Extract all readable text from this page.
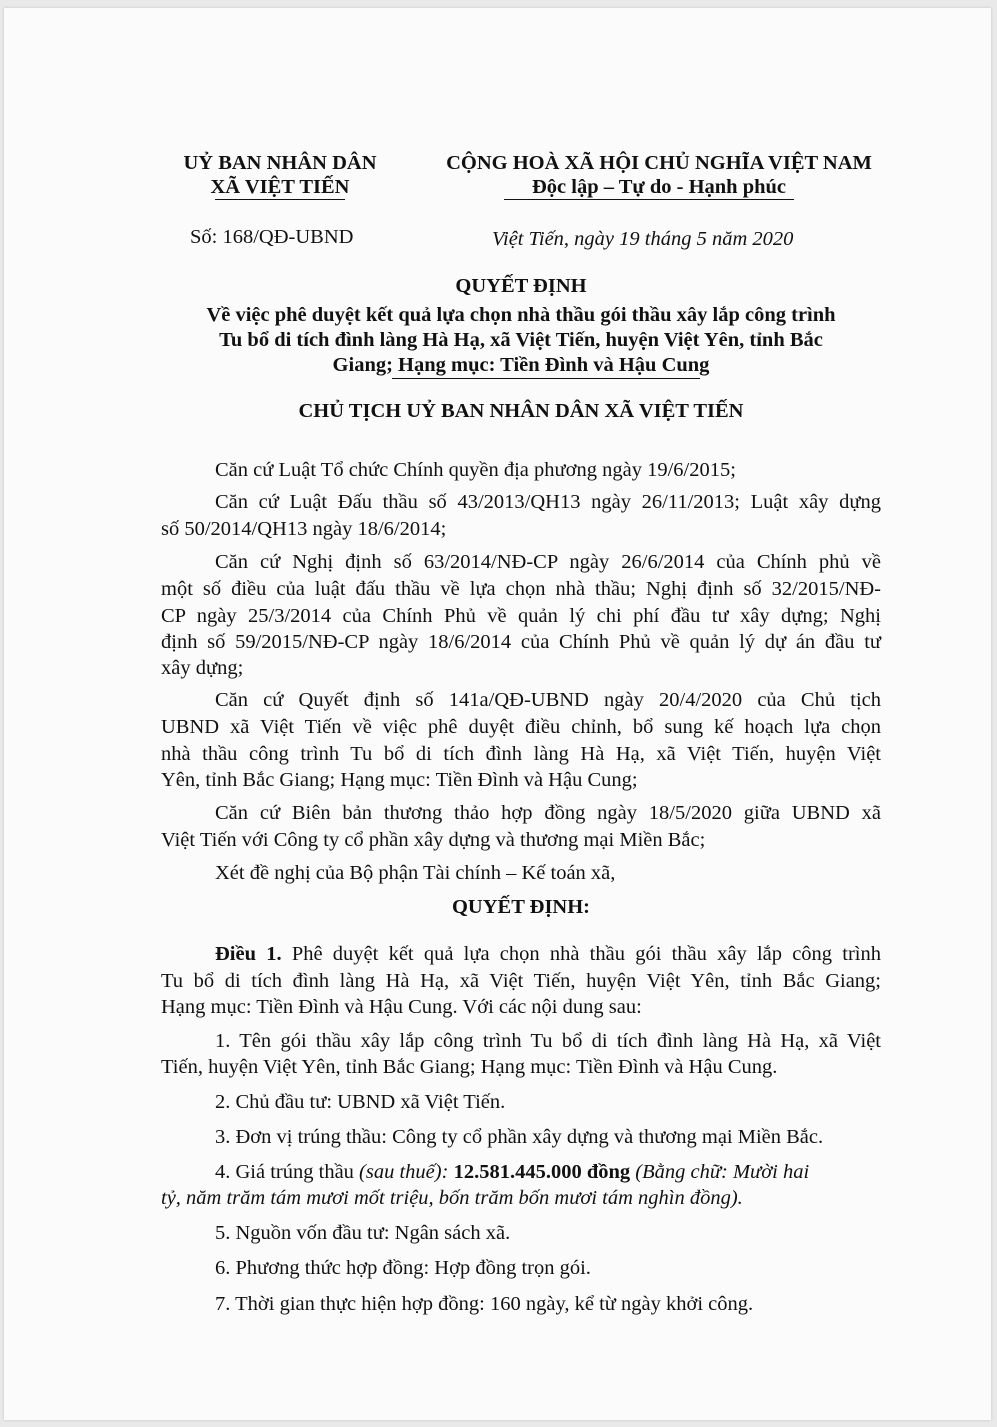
UỶ BAN NHÂN DÂN
XÃ VIỆT TIẾN
Số: 168/QĐ-UBND
CỘNG HOÀ XÃ HỘI CHỦ NGHĨA VIỆT NAM
Độc lập – Tự do - Hạnh phúc
Việt Tiến, ngày 19 tháng 5 năm 2020
QUYẾT ĐỊNH
Về việc phê duyệt kết quả lựa chọn nhà thầu gói thầu xây lắp công trình
Tu bổ di tích đình làng Hà Hạ, xã Việt Tiến, huyện Việt Yên, tỉnh Bắc
Giang; Hạng mục: Tiền Đình và Hậu Cung
CHỦ TỊCH UỶ BAN NHÂN DÂN XÃ VIỆT TIẾN
Căn cứ Luật Tổ chức Chính quyền địa phương ngày 19/6/2015;
Căn cứ Luật Đấu thầu số 43/2013/QH13 ngày 26/11/2013; Luật xây dựng
số 50/2014/QH13 ngày 18/6/2014;
Căn cứ Nghị định số 63/2014/NĐ-CP ngày 26/6/2014 của Chính phủ về
một số điều của luật đấu thầu về lựa chọn nhà thầu; Nghị định số 32/2015/NĐ-
CP ngày 25/3/2014 của Chính Phủ về quản lý chi phí đầu tư xây dựng; Nghị
định số 59/2015/NĐ-CP ngày 18/6/2014 của Chính Phủ về quản lý dự án đầu tư
xây dựng;
Căn cứ Quyết định số 141a/QĐ-UBND ngày 20/4/2020 của Chủ tịch
UBND xã Việt Tiến về việc phê duyệt điều chỉnh, bổ sung kế hoạch lựa chọn
nhà thầu công trình Tu bổ di tích đình làng Hà Hạ, xã Việt Tiến, huyện Việt
Yên, tỉnh Bắc Giang; Hạng mục: Tiền Đình và Hậu Cung;
Căn cứ Biên bản thương thảo hợp đồng ngày 18/5/2020 giữa UBND xã
Việt Tiến với Công ty cổ phần xây dựng và thương mại Miền Bắc;
Xét đề nghị của Bộ phận Tài chính – Kế toán xã,
QUYẾT ĐỊNH:
Điều 1. Phê duyệt kết quả lựa chọn nhà thầu gói thầu xây lắp công trình
Tu bổ di tích đình làng Hà Hạ, xã Việt Tiến, huyện Việt Yên, tỉnh Bắc Giang;
Hạng mục: Tiền Đình và Hậu Cung. Với các nội dung sau:
1. Tên gói thầu xây lắp công trình Tu bổ di tích đình làng Hà Hạ, xã Việt
Tiến, huyện Việt Yên, tỉnh Bắc Giang; Hạng mục: Tiền Đình và Hậu Cung.
2. Chủ đầu tư: UBND xã Việt Tiến.
3. Đơn vị trúng thầu: Công ty cổ phần xây dựng và thương mại Miền Bắc.
4. Giá trúng thầu (sau thuế): 12.581.445.000 đồng (Bằng chữ: Mười hai
tỷ, năm trăm tám mươi mốt triệu, bốn trăm bốn mươi tám nghìn đồng).
5. Nguồn vốn đầu tư: Ngân sách xã.
6. Phương thức hợp đồng: Hợp đồng trọn gói.
7. Thời gian thực hiện hợp đồng: 160 ngày, kể từ ngày khởi công.
